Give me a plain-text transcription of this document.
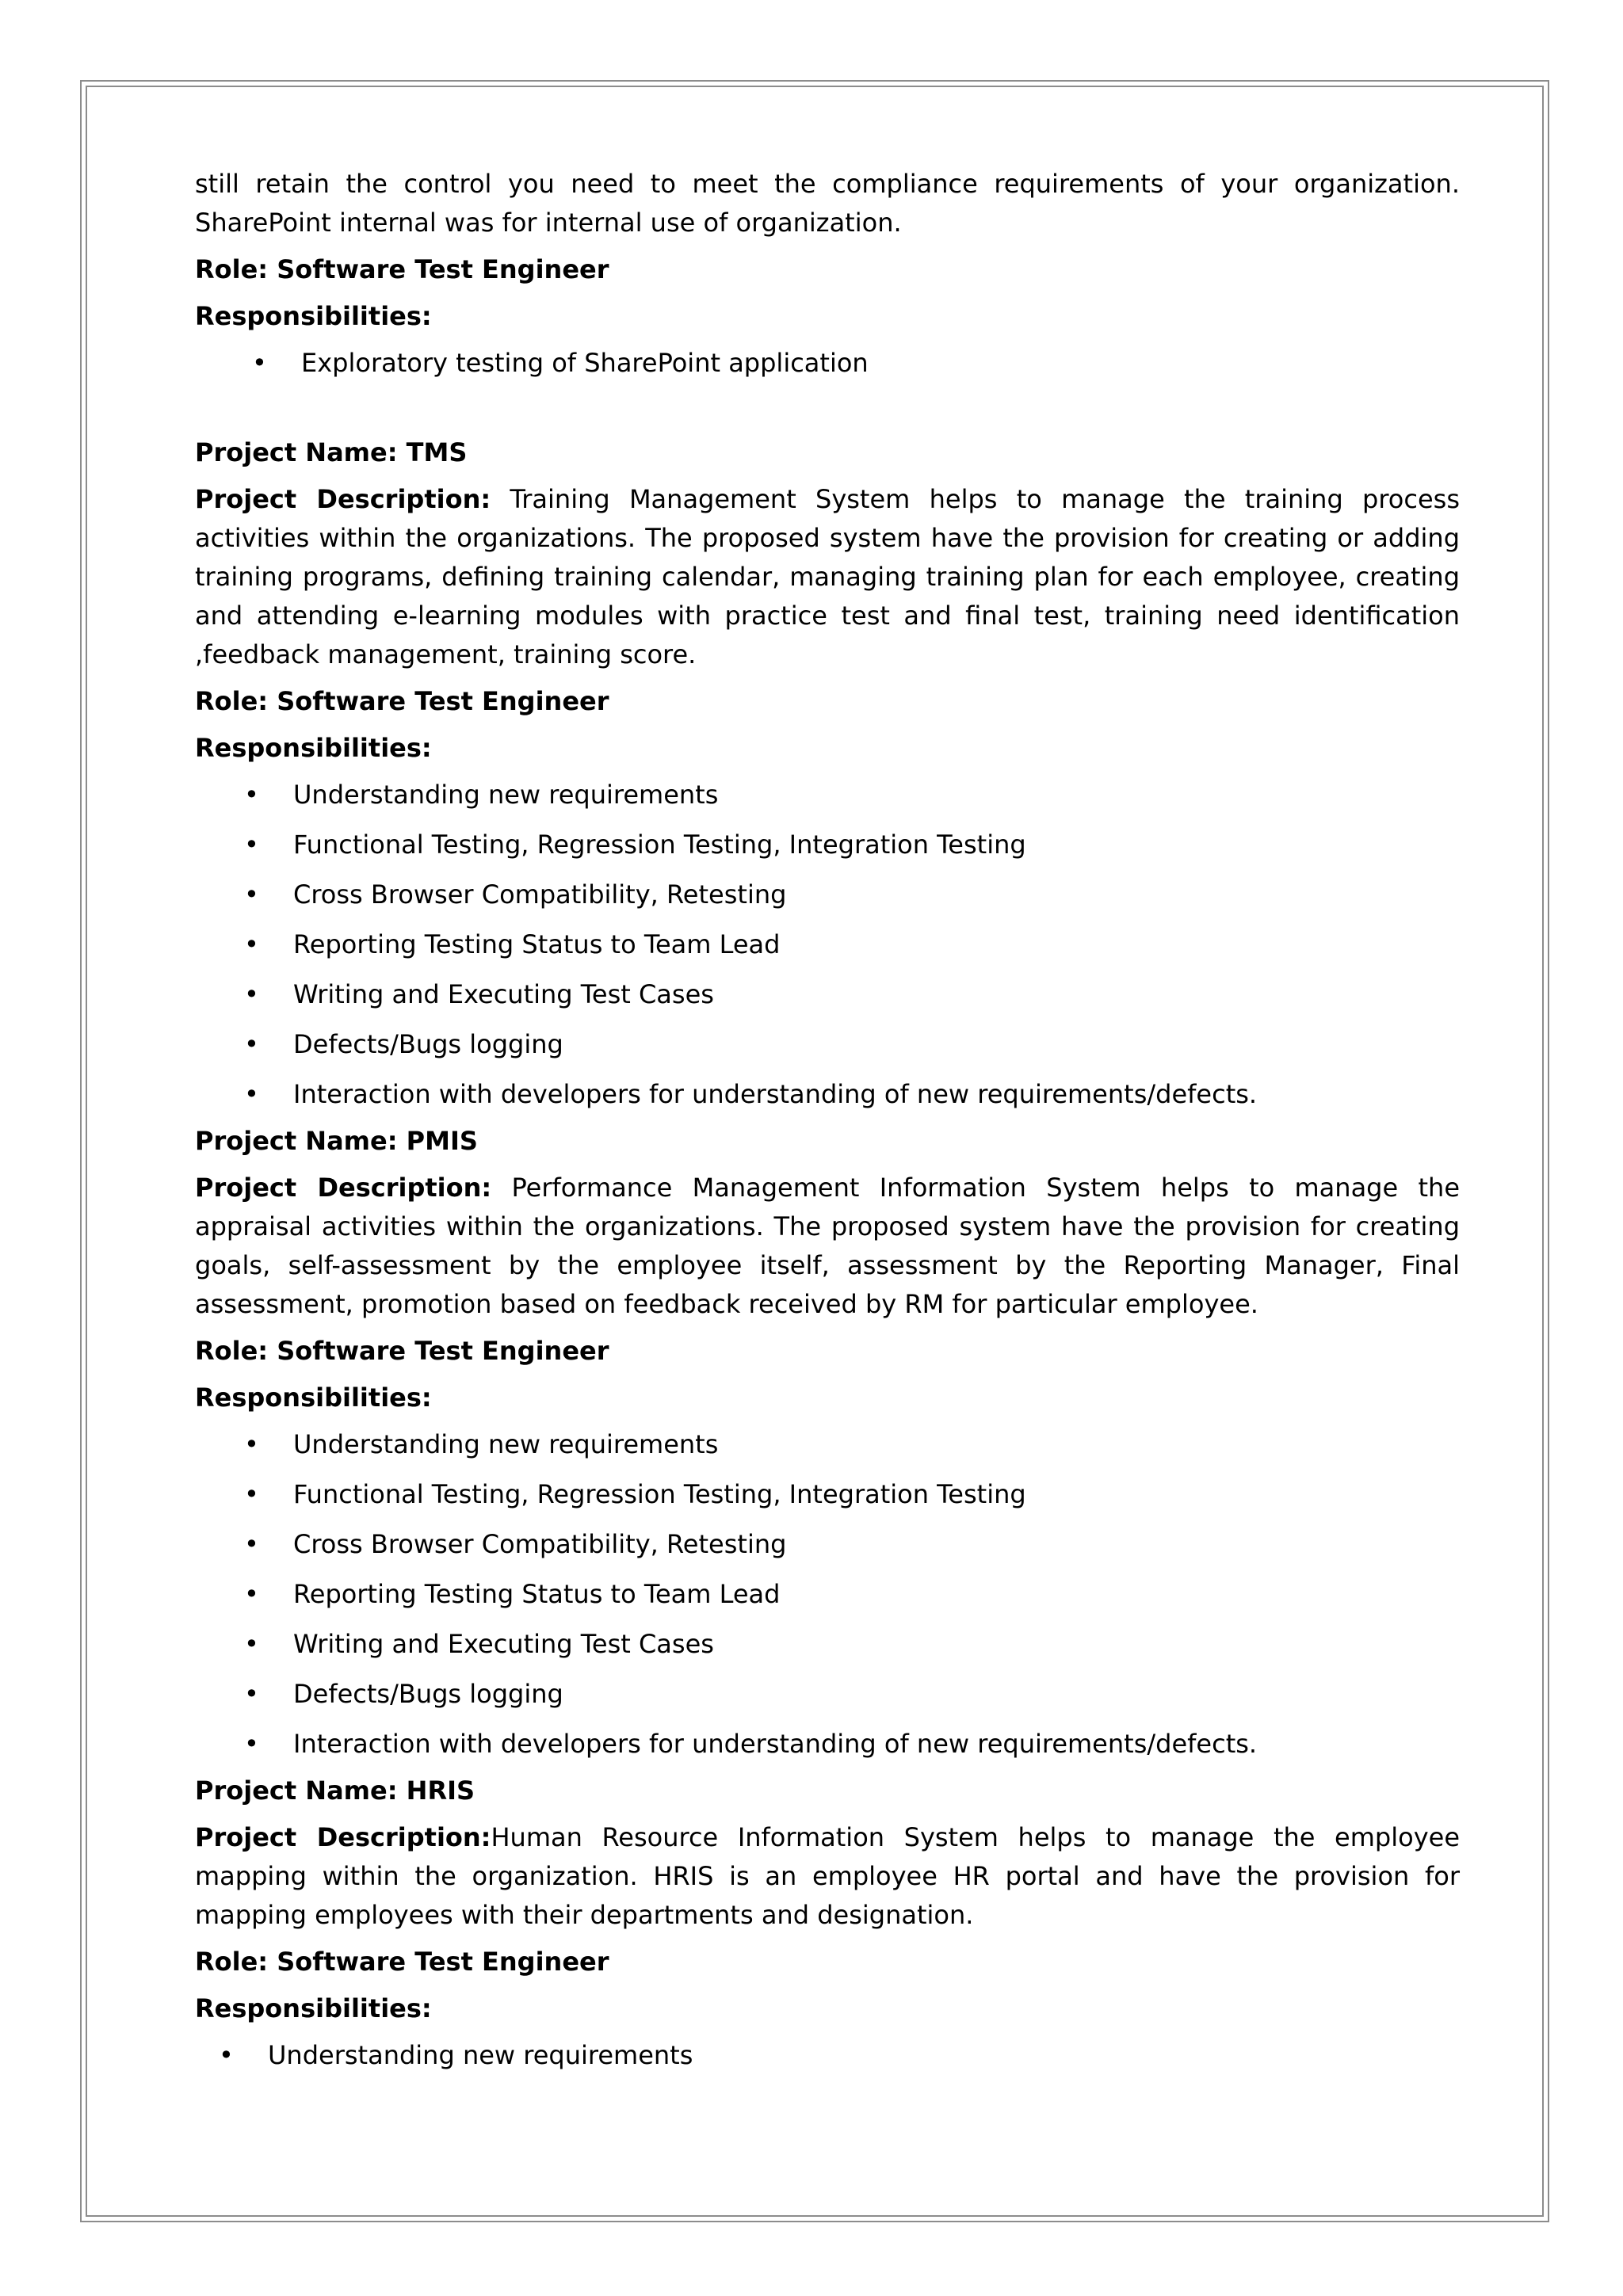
still retain the control you need to meet the compliance requirements of your organization.

SharePoint internal was for internal use of organization.

Role: Software Test Engineer

Responsibilities:

• Exploratory testing of SharePoint application

Project Name: TMS

Project Description: Training Management System helps to manage the training process activities within the organizations. The proposed system have the provision for creating or adding training programs, defining training calendar, managing training plan for each employee, creating and attending e-learning modules with practice test and final test, training need identification ,feedback management, training score.

Role: Software Test Engineer

Responsibilities:

• Understanding new requirements
• Functional Testing, Regression Testing, Integration Testing
• Cross Browser Compatibility, Retesting
• Reporting Testing Status to Team Lead
• Writing and Executing Test Cases
• Defects/Bugs logging
• Interaction with developers for understanding of new requirements/defects.

Project Name: PMIS

Project Description: Performance Management Information System helps to manage the appraisal activities within the organizations. The proposed system have the provision for creating goals, self-assessment by the employee itself, assessment by the Reporting Manager, Final assessment, promotion based on feedback received by RM for particular employee.

Role: Software Test Engineer

Responsibilities:

• Understanding new requirements
• Functional Testing, Regression Testing, Integration Testing
• Cross Browser Compatibility, Retesting
• Reporting Testing Status to Team Lead
• Writing and Executing Test Cases
• Defects/Bugs logging
• Interaction with developers for understanding of new requirements/defects.

Project Name: HRIS

Project Description:Human Resource Information System helps to manage the employee mapping within the organization. HRIS is an employee HR portal and have the provision for mapping employees with their departments and designation.

Role: Software Test Engineer

Responsibilities:

• Understanding new requirements
